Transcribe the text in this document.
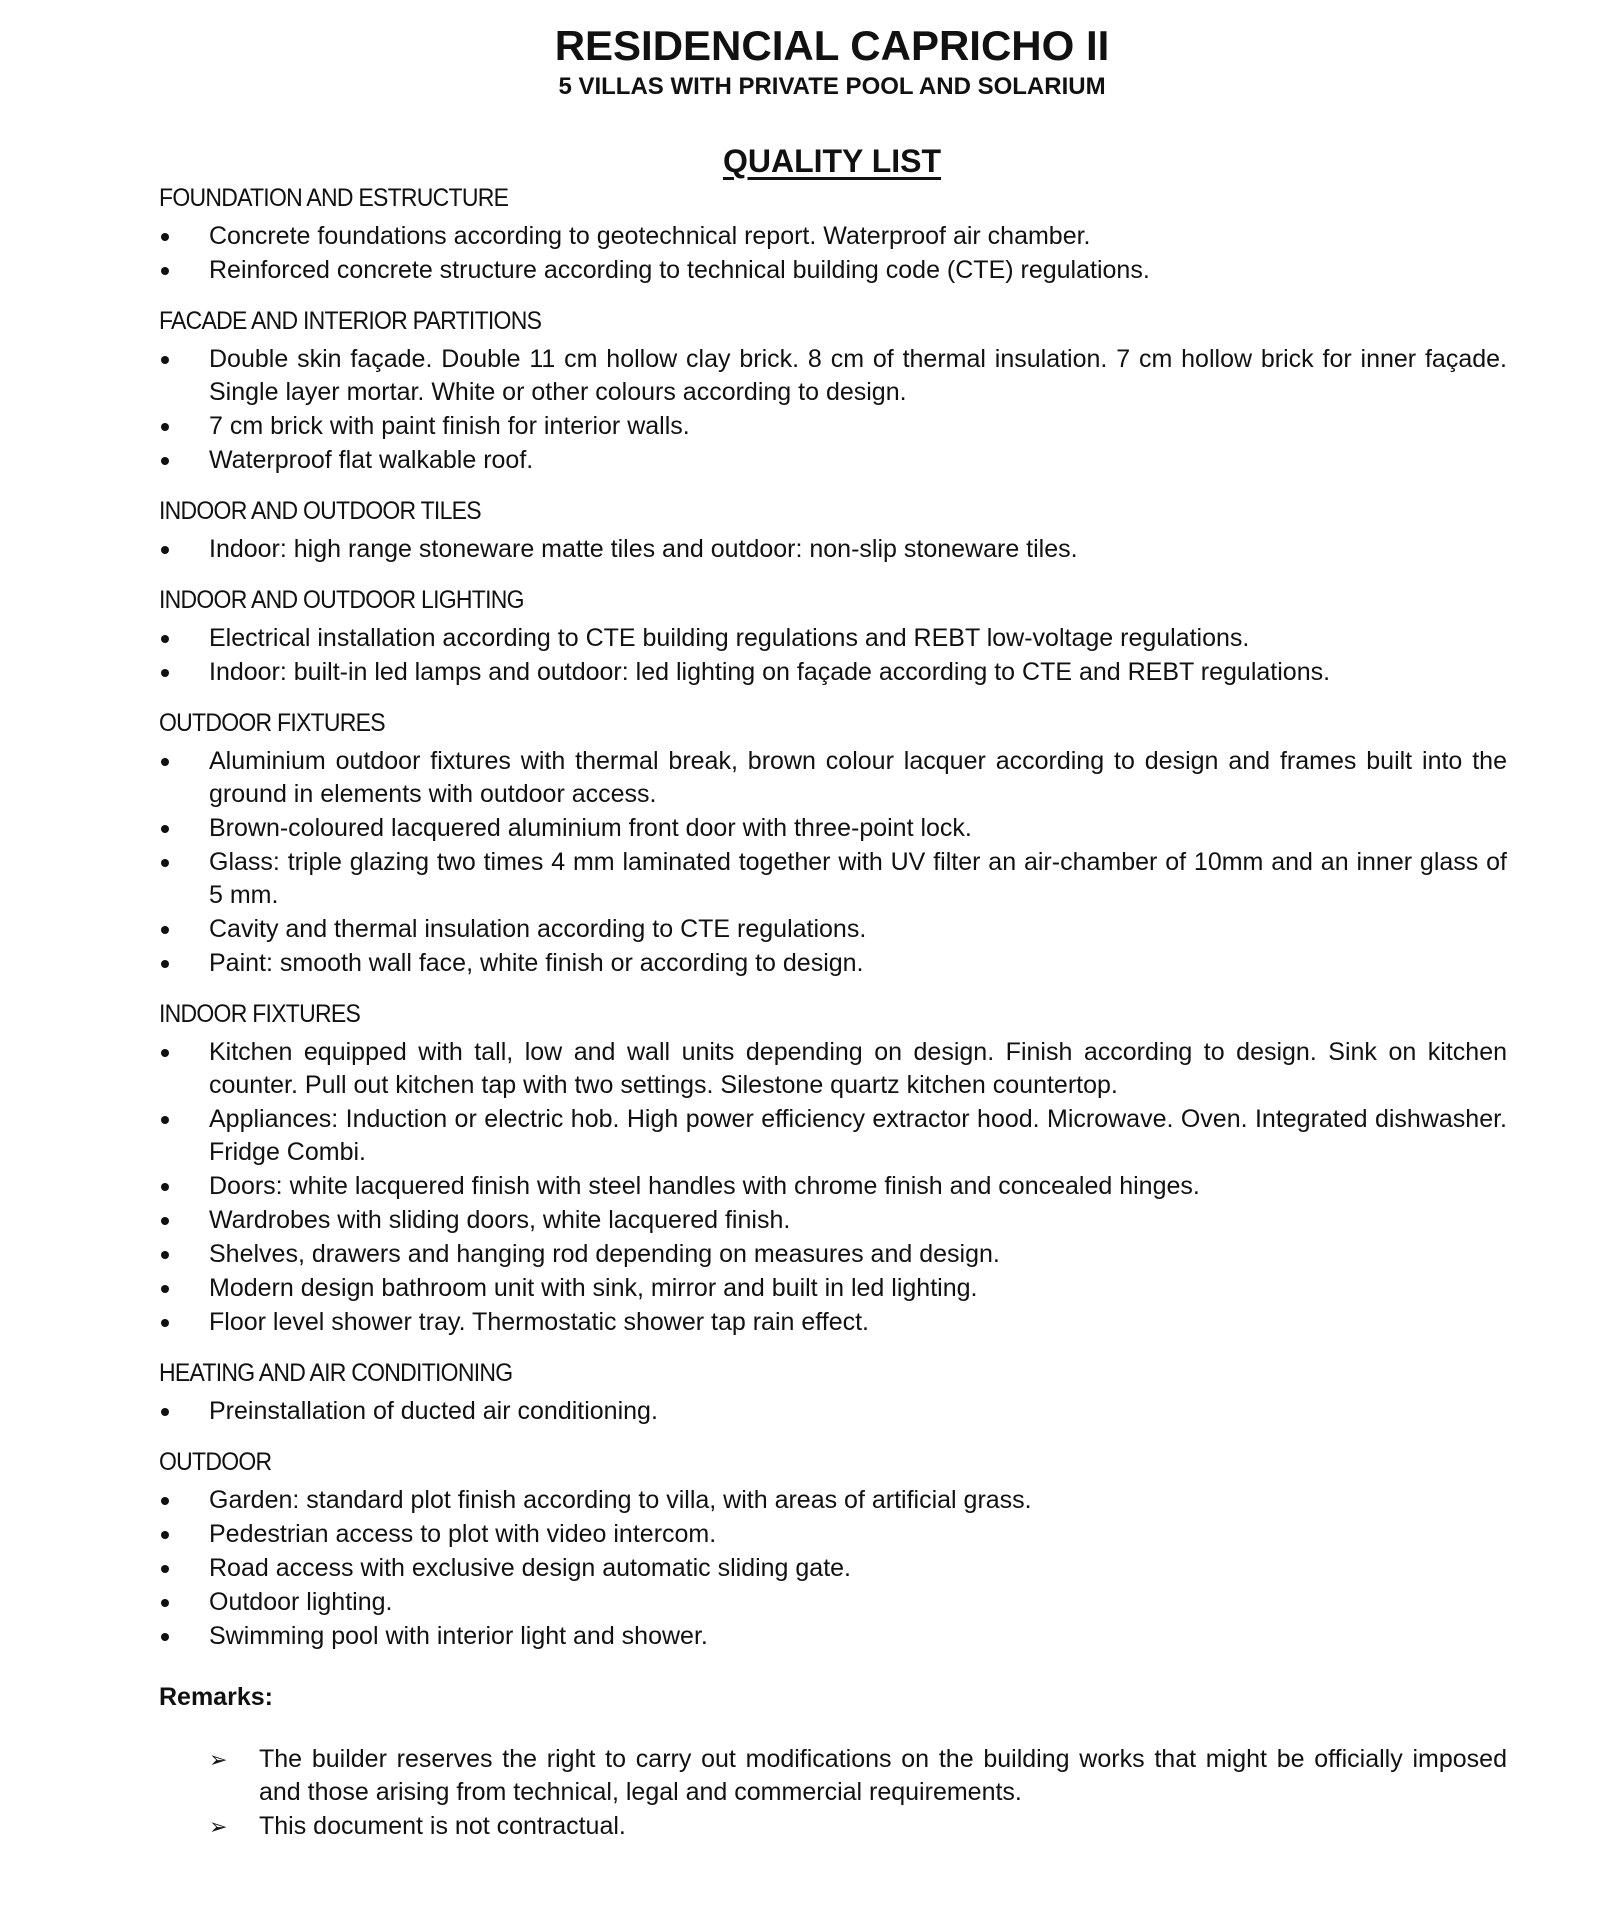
RESIDENCIAL CAPRICHO II
5 VILLAS WITH PRIVATE POOL AND SOLARIUM
QUALITY LIST
FOUNDATION AND ESTRUCTURE
Concrete foundations according to geotechnical report. Waterproof air chamber.
Reinforced concrete structure according to technical building code (CTE) regulations.
FACADE AND INTERIOR PARTITIONS
Double skin façade. Double 11 cm hollow clay brick. 8 cm of thermal insulation. 7 cm hollow brick for inner façade. Single layer mortar. White or other colours according to design.
7 cm brick with paint finish for interior walls.
Waterproof flat walkable roof.
INDOOR AND OUTDOOR TILES
Indoor: high range stoneware matte tiles and outdoor: non-slip stoneware tiles.
INDOOR AND OUTDOOR LIGHTING
Electrical installation according to CTE building regulations and REBT low-voltage regulations.
Indoor: built-in led lamps and outdoor: led lighting on façade according to CTE and REBT regulations.
OUTDOOR FIXTURES
Aluminium outdoor fixtures with thermal break, brown colour lacquer according to design and frames built into the ground in elements with outdoor access.
Brown-coloured lacquered aluminium front door with three-point lock.
Glass: triple glazing two times 4 mm laminated together with UV filter an air-chamber of 10mm and an inner glass of 5 mm.
Cavity and thermal insulation according to CTE regulations.
Paint: smooth wall face, white finish or according to design.
INDOOR FIXTURES
Kitchen equipped with tall, low and wall units depending on design. Finish according to design. Sink on kitchen counter. Pull out kitchen tap with two settings. Silestone quartz kitchen countertop.
Appliances: Induction or electric hob. High power efficiency extractor hood. Microwave. Oven. Integrated dishwasher. Fridge Combi.
Doors: white lacquered finish with steel handles with chrome finish and concealed hinges.
Wardrobes with sliding doors, white lacquered finish.
Shelves, drawers and hanging rod depending on measures and design.
Modern design bathroom unit with sink, mirror and built in led lighting.
Floor level shower tray. Thermostatic shower tap rain effect.
HEATING AND AIR CONDITIONING
Preinstallation of ducted air conditioning.
OUTDOOR
Garden: standard plot finish according to villa, with areas of artificial grass.
Pedestrian access to plot with video intercom.
Road access with exclusive design automatic sliding gate.
Outdoor lighting.
Swimming pool with interior light and shower.
Remarks:
➢ The builder reserves the right to carry out modifications on the building works that might be officially imposed and those arising from technical, legal and commercial requirements.
➢ This document is not contractual.
